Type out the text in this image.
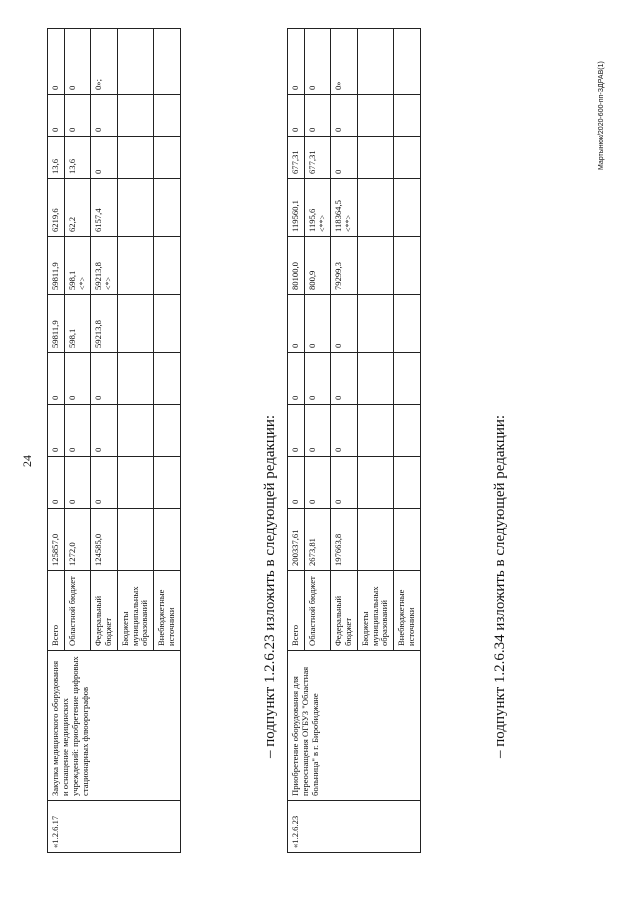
24
«1.2.6.17	Закупка медицинского оборудования и оснащение медицинских учреждений: приобретение цифровых стационарных флюорографов	Всего	125857,0	0	0	0	59811,9	59811,9	6219,6	13,6	0	0
		Областной бюджет	1272,0	0	0	0	598,1	598,1 <*>	62,2	13,6	0	0
		Федеральный бюджет	124585,0	0	0	0	59213,8	59213,8 <*>	6157,4	0	0	0»;
		Бюджеты муниципальных образований										
		Внебюджетные источники											– подпункт 1.2.6.23 изложить в следующей редакции:
«1.2.6.23	Приобретение оборудования для переоснащения ОГБУЗ "Областная больница" в г. Биробиджане	Всего	200337,61	0	0	0	0	80100,0	119560,1	677,31	0	0
		Областной бюджет	2673,81	0	0	0	0	800,9	1195,6 <**>	677,31	0	0
		Федеральный бюджет	197663,8	0	0	0	0	79299,3	118364,5 <**>	0	0	0»
		Бюджеты муниципальных образований										
		Внебюджетные источники											– подпункт 1.2.6.34 изложить в следующей редакции:
Мартынюк/2020-600-пп-ЗДРАВ(1)
